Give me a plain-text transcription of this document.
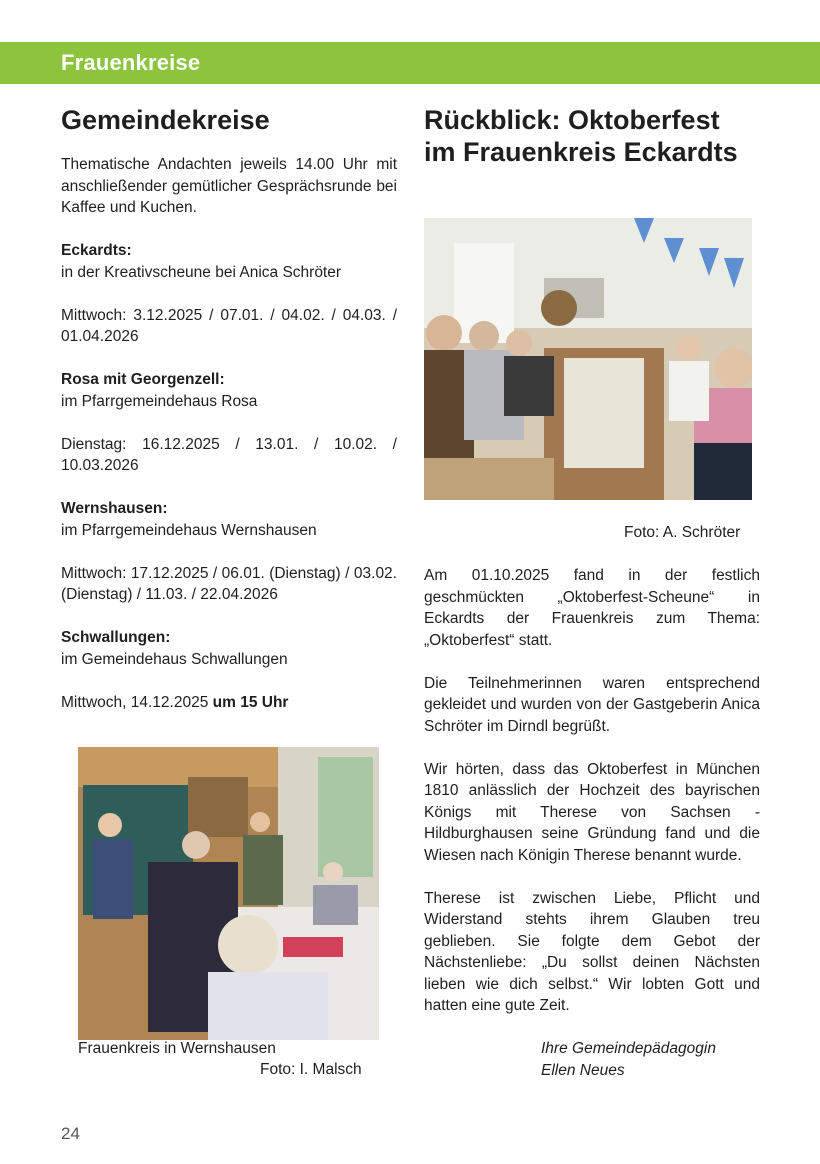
Frauenkreise
Gemeindekreise

Thematische Andachten jeweils 14.00 Uhr mit anschließender gemütlicher Gesprächsrunde bei Kaffee und Kuchen.

Eckardts:

in der Kreativscheune bei Anica Schröter

Mittwoch: 3.12.2025 / 07.01. / 04.02. / 04.03. / 01.04.2026

Rosa mit Georgenzell:

im Pfarrgemeindehaus Rosa

Dienstag: 16.12.2025 / 13.01. / 10.02. / 10.03.2026

Wernshausen:

im Pfarrgemeindehaus Wernshausen

Mittwoch: 17.12.2025 / 06.01. (Dienstag) / 03.02. (Dienstag) / 11.03. / 22.04.2026

Schwallungen:

im Gemeindehaus Schwallungen

Mittwoch, 14.12.2025 um 15 Uhr

Frauenkreis in Wernshausen
Foto: I. Malsch
Rückblick: Oktoberfest
im Frauenkreis Eckardts
Foto: A. Schröter

Am 01.10.2025 fand in der festlich geschmückten „Oktoberfest-Scheune“ in Eckardts der Frauenkreis zum Thema: „Oktoberfest“ statt.

Die Teilnehmerinnen waren entsprechend gekleidet und wurden von der Gastgeberin Anica Schröter im Dirndl begrüßt.

Wir hörten, dass das Oktoberfest in München 1810 anlässlich der Hochzeit des bayrischen Königs mit Therese von Sachsen - Hildburghausen seine Gründung fand und die Wiesen nach Königin Therese benannt wurde.

Therese ist zwischen Liebe, Pflicht und Widerstand stehts ihrem Glauben treu geblieben. Sie folgte dem Gebot der Nächstenliebe: „Du sollst deinen Nächsten lieben wie dich selbst.“ Wir lobten Gott und hatten eine gute Zeit.

Ihre Gemeindepädagogin
Ellen Neues
24
